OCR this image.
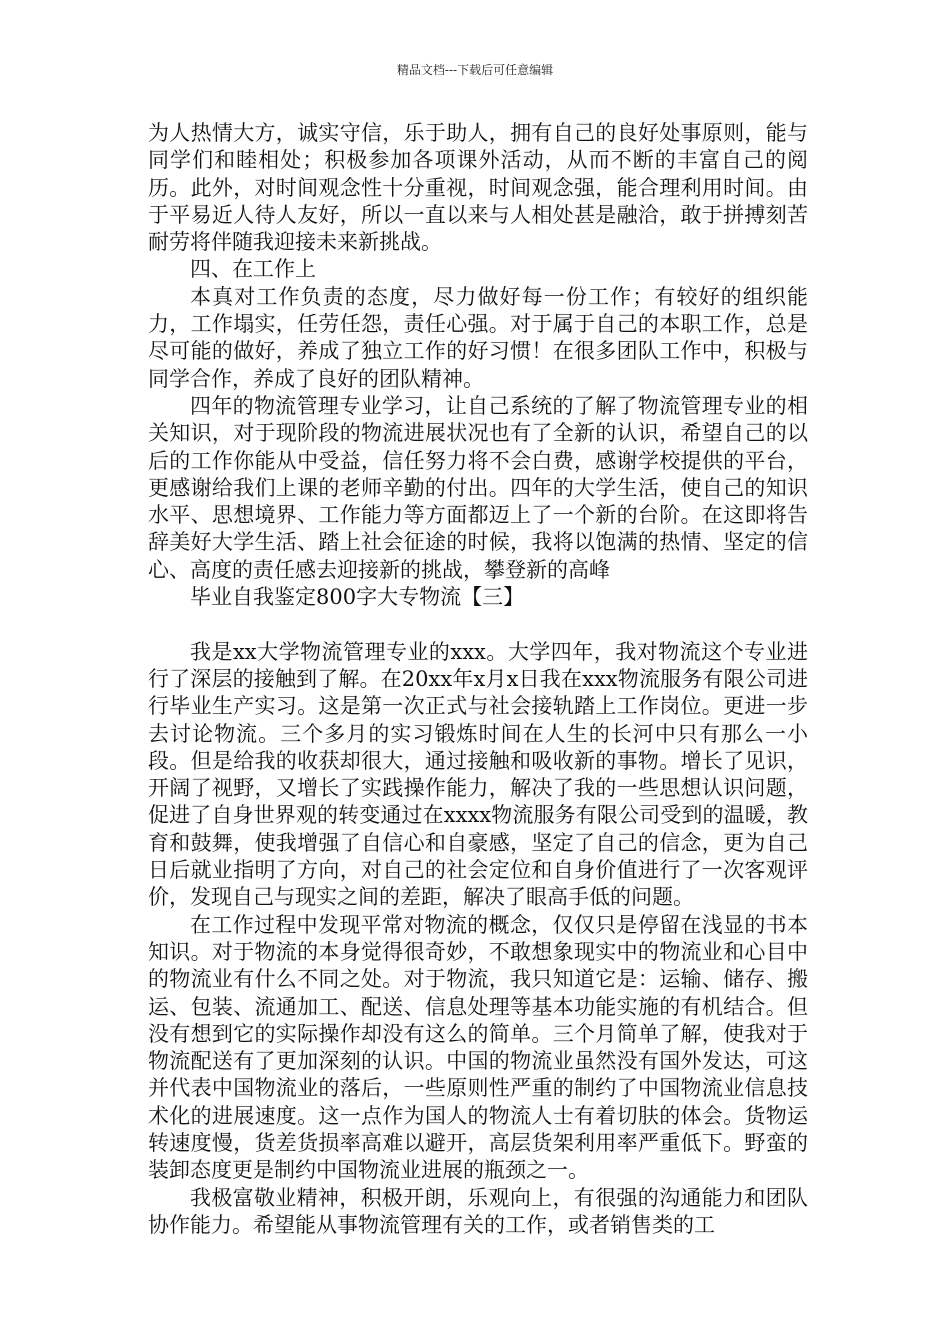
精品文档---下载后可任意编辑

为人热情大方，诚实守信，乐于助人，拥有自己的良好处事原则，能与同学们和睦相处；积极参加各项课外活动，从而不断的丰富自己的阅历。此外，对时间观念性十分重视，时间观念强，能合理利用时间。由于平易近人待人友好，所以一直以来与人相处甚是融洽，敢于拼搏刻苦耐劳将伴随我迎接未来新挑战。

四、在工作上

本真对工作负责的态度，尽力做好每一份工作；有较好的组织能力，工作塌实，任劳任怨，责任心强。对于属于自己的本职工作，总是尽可能的做好，养成了独立工作的好习惯！在很多团队工作中，积极与同学合作，养成了良好的团队精神。

四年的物流管理专业学习，让自己系统的了解了物流管理专业的相关知识，对于现阶段的物流进展状况也有了全新的认识，希望自己的以后的工作你能从中受益，信任努力将不会白费，感谢学校提供的平台，更感谢给我们上课的老师辛勤的付出。四年的大学生活，使自己的知识水平、思想境界、工作能力等方面都迈上了一个新的台阶。在这即将告辞美好大学生活、踏上社会征途的时候，我将以饱满的热情、坚定的信心、高度的责任感去迎接新的挑战，攀登新的高峰

毕业自我鉴定800字大专物流【三】

我是xx大学物流管理专业的xxx。大学四年，我对物流这个专业进行了深层的接触到了解。在20xx年x月x日我在xxx物流服务有限公司进行毕业生产实习。这是第一次正式与社会接轨踏上工作岗位。更进一步去讨论物流。三个多月的实习锻炼时间在人生的长河中只有那么一小段。但是给我的收获却很大，通过接触和吸收新的事物。增长了见识，开阔了视野，又增长了实践操作能力，解决了我的一些思想认识问题，促进了自身世界观的转变通过在xxxx物流服务有限公司受到的温暖，教育和鼓舞，使我增强了自信心和自豪感，坚定了自己的信念，更为自己日后就业指明了方向，对自己的社会定位和自身价值进行了一次客观评价，发现自己与现实之间的差距，解决了眼高手低的问题。

在工作过程中发现平常对物流的概念，仅仅只是停留在浅显的书本知识。对于物流的本身觉得很奇妙，不敢想象现实中的物流业和心目中的物流业有什么不同之处。对于物流，我只知道它是：运输、储存、搬运、包装、流通加工、配送、信息处理等基本功能实施的有机结合。但没有想到它的实际操作却没有这么的简单。三个月简单了解，使我对于物流配送有了更加深刻的认识。中国的物流业虽然没有国外发达，可这并代表中国物流业的落后，一些原则性严重的制约了中国物流业信息技术化的进展速度。这一点作为国人的物流人士有着切肤的体会。货物运转速度慢，货差货损率高难以避开，高层货架利用率严重低下。野蛮的装卸态度更是制约中国物流业进展的瓶颈之一。

我极富敬业精神，积极开朗，乐观向上，有很强的沟通能力和团队协作能力。希望能从事物流管理有关的工作，或者销售类的工
